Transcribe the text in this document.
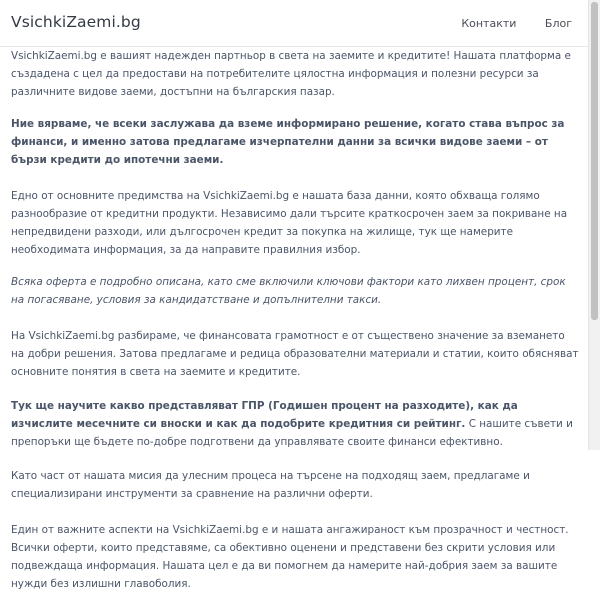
VsichkiZaemi.bg	Контакти	Блог

VsichkiZaemi.bg е вашият надежден партньор в света на заемите и кредитите! Нашата платформа е създадена с цел да предостави на потребителите цялостна информация и полезни ресурси за различните видове заеми, достъпни на българския пазар.

Ние вярваме, че всеки заслужава да вземе информирано решение, когато става въпрос за финанси, и именно затова предлагаме изчерпателни данни за всички видове заеми – от бързи кредити до ипотечни заеми.

Едно от основните предимства на VsichkiZaemi.bg е нашата база данни, която обхваща голямо разнообразие от кредитни продукти. Независимо дали търсите краткосрочен заем за покриване на непредвидени разходи, или дългосрочен кредит за покупка на жилище, тук ще намерите необходимата информация, за да направите правилния избор.

Всяка оферта е подробно описана, като сме включили ключови фактори като лихвен процент, срок на погасяване, условия за кандидатстване и допълнителни такси.

На VsichkiZaemi.bg разбираме, че финансовата грамотност е от съществено значение за вземането на добри решения. Затова предлагаме и редица образователни материали и статии, които обясняват основните понятия в света на заемите и кредитите.

Тук ще научите какво представляват ГПР (Годишен процент на разходите), как да изчислите месечните си вноски и как да подобрите кредитния си рейтинг. С нашите съвети и препоръки ще бъдете по-добре подготвени да управлявате своите финанси ефективно.

Като част от нашата мисия да улесним процеса на търсене на подходящ заем, предлагаме и специализирани инструменти за сравнение на различни оферти.

Един от важните аспекти на VsichkiZaemi.bg е и нашата ангажираност към прозрачност и честност. Всички оферти, които представяме, са обективно оценени и представени без скрити условия или подвеждаща информация. Нашата цел е да ви помогнем да намерите най-добрия заем за вашите нужди без излишни главоболия.
